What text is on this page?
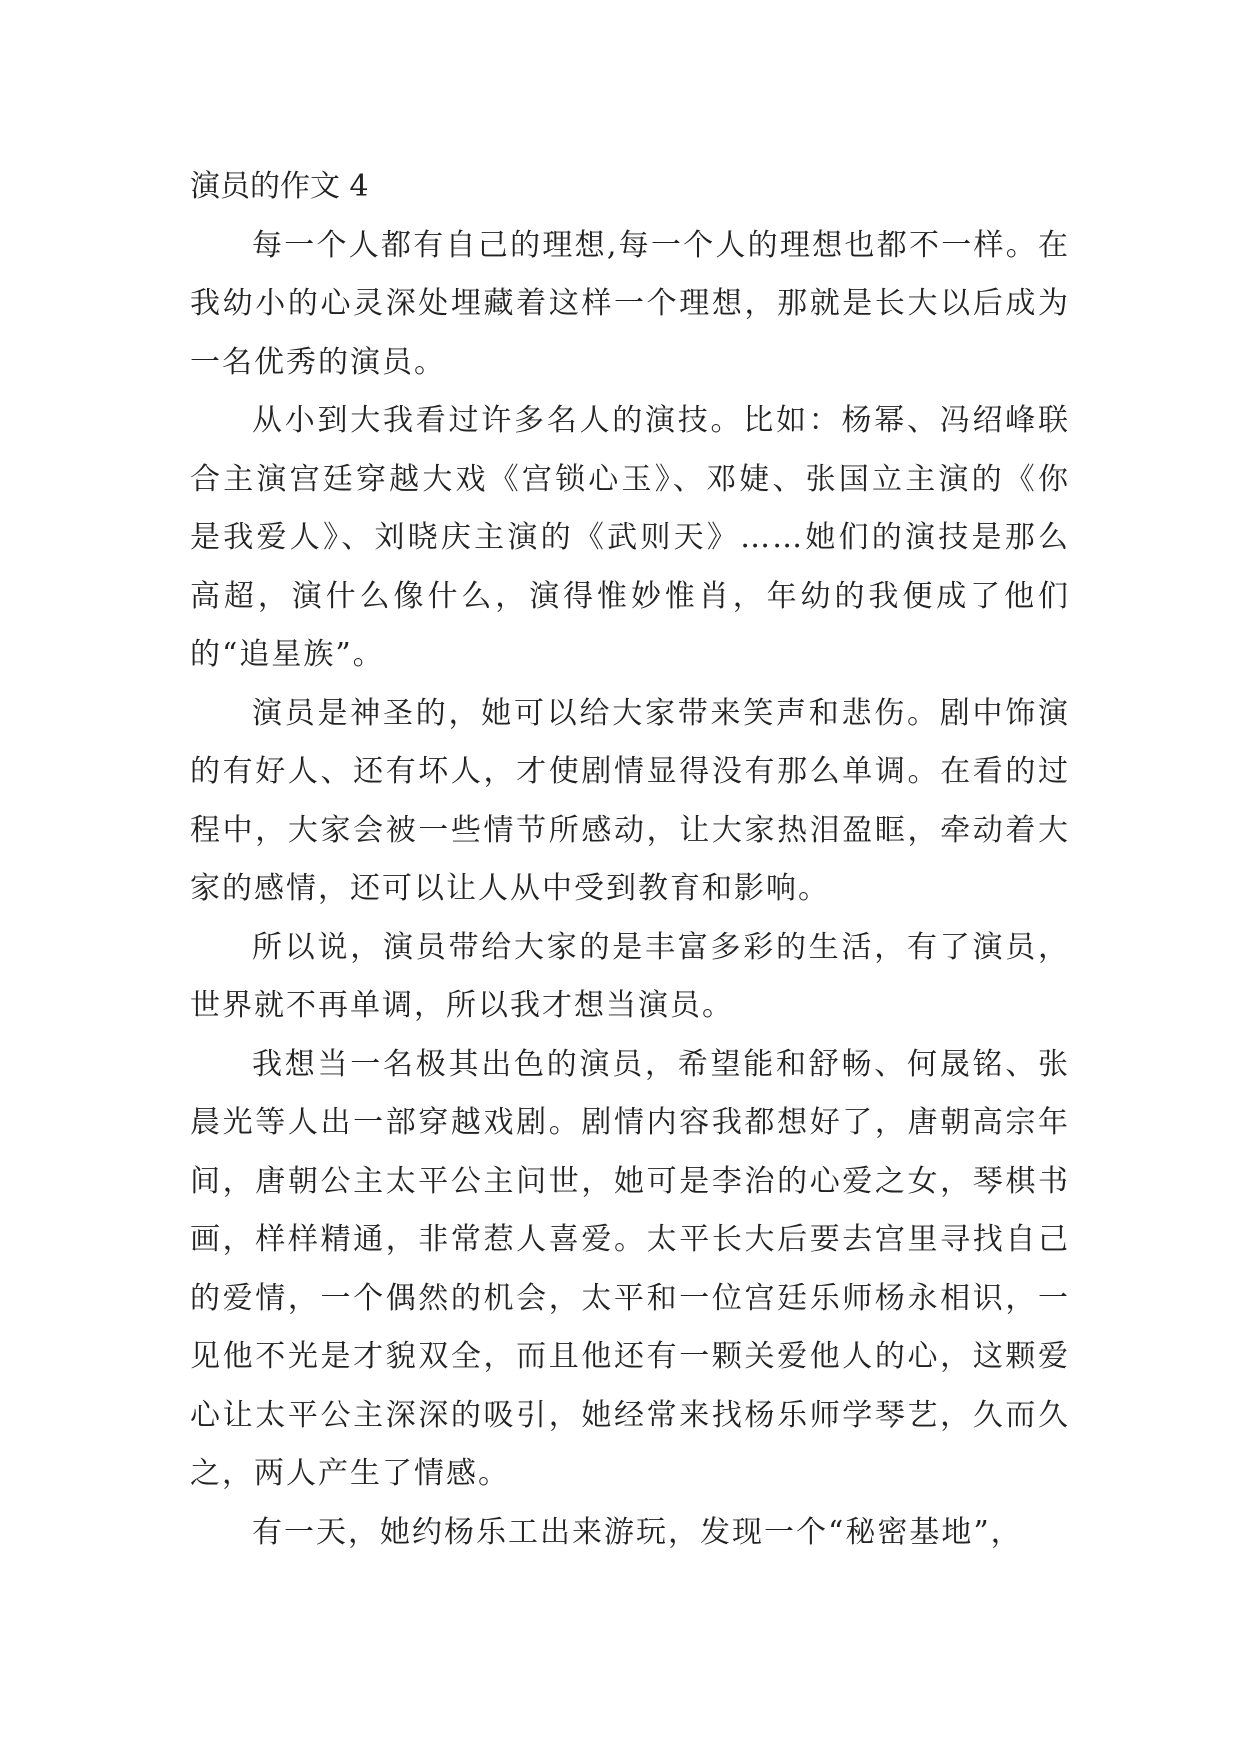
演员的作文 4

每一个人都有自己的理想,每一个人的理想也都不一样。在我幼小的心灵深处埋藏着这样一个理想，那就是长大以后成为一名优秀的演员。

从小到大我看过许多名人的演技。比如：杨幂、冯绍峰联合主演宫廷穿越大戏《宫锁心玉》、邓婕、张国立主演的《你是我爱人》、刘晓庆主演的《武则天》……她们的演技是那么高超，演什么像什么，演得惟妙惟肖，年幼的我便成了他们的“追星族”。

演员是神圣的，她可以给大家带来笑声和悲伤。剧中饰演的有好人、还有坏人，才使剧情显得没有那么单调。在看的过程中，大家会被一些情节所感动，让大家热泪盈眶，牵动着大家的感情，还可以让人从中受到教育和影响。

所以说，演员带给大家的是丰富多彩的生活，有了演员，世界就不再单调，所以我才想当演员。

我想当一名极其出色的演员，希望能和舒畅、何晟铭、张晨光等人出一部穿越戏剧。剧情内容我都想好了，唐朝高宗年间，唐朝公主太平公主问世，她可是李治的心爱之女，琴棋书画，样样精通，非常惹人喜爱。太平长大后要去宫里寻找自己的爱情，一个偶然的机会，太平和一位宫廷乐师杨永相识，一见他不光是才貌双全，而且他还有一颗关爱他人的心，这颗爱心让太平公主深深的吸引，她经常来找杨乐师学琴艺，久而久之，两人产生了情感。

有一天，她约杨乐工出来游玩，发现一个“秘密基地”，
